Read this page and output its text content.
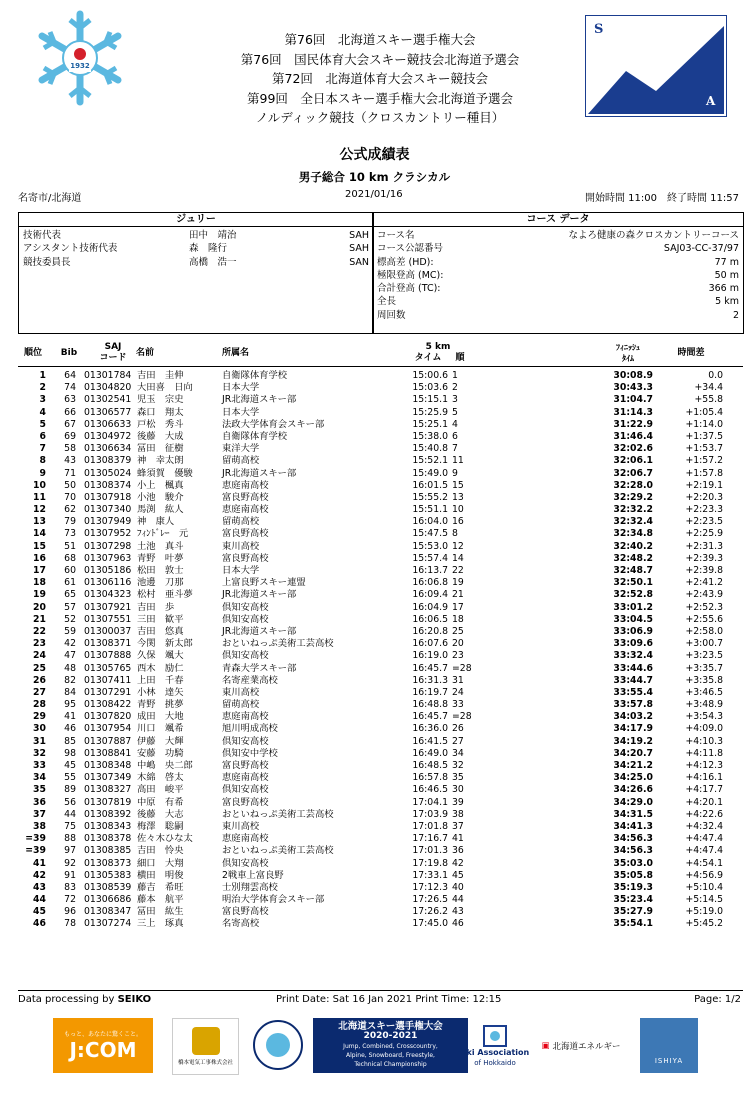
1932
S
A
第76回　北海道スキー選手権大会
第76回　国民体育大会スキー競技会北海道予選会
第72回　北海道体育大会スキー競技会
第99回　全日本スキー選手権大会北海道予選会
ノルディック競技（クロスカントリー種目）
公式成績表
男子総合 10 km クラシカル
名寄市/北海道	2021/01/16	開始時間 11:00　終了時間 11:57
ジュリー
技術代表	田中　靖治	SAH
アシスタント技術代表	森　隆行	SAH
競技委員長	高橋　浩一	SAN
コース データ
コース名	なよろ健康の森クロスカントリーコース
コース公認番号	SAJ03-CC-37/97
標高差 (HD):	77 m
極限登高 (MC):	50 m
合計登高 (TC):	366 m
全長	5 km
周回数	2
順位	Bib
SAJ
コード 名前	所属名
5 km
タイム	順
ﾌｨﾆｯｼｭ
ﾀｲﾑ
時間差
1 64 01301784 吉田　圭伸	自衛隊体育学校	15:00.6 1	30:08.9	0.0
2 74 01304820 大田喜　日向	日本大学	15:03.6 2	30:43.3	+34.4
3 63 01302541 児玉　宗史	JR北海道スキー部	15:15.1 3	31:04.7	+55.8
4 66 01306577 森口　翔太	日本大学	15:25.9 5	31:14.3	+1:05.4
5 67 01306633 戸松　秀斗	法政大学体育会スキー部	15:25.1 4	31:22.9	+1:14.0
6 69 01304972 後藤　大成	自衛隊体育学校	15:38.0 6	31:46.4	+1:37.5
7 58 01306634 冨田　征樹	東洋大学	15:40.8 7	32:02.6	+1:53.7
8 43 01308379 神　幸太朗	留萌高校	15:52.1 11	32:06.1	+1:57.2
9 71 01305024 蜂須賀　優駿	JR北海道スキー部	15:49.0 9	32:06.7	+1:57.8
10 50 01308374 小上　楓真	恵庭南高校	16:01.5 15	32:28.0	+2:19.1
11 70 01307918 小池　駿介	富良野高校	15:55.2 13	32:29.2	+2:20.3
12 62 01307340 馬渕　紘人	恵庭南高校	15:51.1 10	32:32.2	+2:23.3
13 79 01307949 神　康人	留萌高校	16:04.0 16	32:32.4	+2:23.5
14 73 01307952 ﾌｨﾝﾄﾞﾚｰ　元	富良野高校	15:47.5 8	32:34.8	+2:25.9
15 51 01307298 土池　真斗	東川高校	15:53.0 12	32:40.2	+2:31.3
16 68 01307963 青野　叶夢	富良野高校	15:57.4 14	32:48.2	+2:39.3
17 60 01305186 松田　敦士	日本大学	16:13.7 22	32:48.7	+2:39.8
18 61 01306116 池邊　刀那	上富良野スキー連盟	16:06.8 19	32:50.1	+2:41.2
19 65 01304323 松村　亜斗夢	JR北海道スキー部	16:09.4 21	32:52.8	+2:43.9
20 57 01307921 吉田　歩	倶知安高校	16:04.9 17	33:01.2	+2:52.3
21 52 01307551 三田　歓平	倶知安高校	16:06.5 18	33:04.5	+2:55.6
22 59 01300037 吉田　悠真	JR北海道スキー部	16:20.8 25	33:06.9	+2:58.0
23 42 01308371 今関　新太郎	おといねっぷ美術工芸高校	16:07.6 20	33:09.6	+3:00.7
24 47 01307888 久保　颯大	倶知安高校	16:19.0 23	33:32.4	+3:23.5
25 48 01305765 西木　励仁	青森大学スキー部	16:45.7 =28	33:44.6	+3:35.7
26 82 01307411 上田　千春	名寄産業高校	16:31.3 31	33:44.7	+3:35.8
27 84 01307291 小林　達矢	東川高校	16:19.7 24	33:55.4	+3:46.5
28 95 01308422 青野　挑夢	留萌高校	16:48.8 33	33:57.8	+3:48.9
29 41 01307820 成田　大地	恵庭南高校	16:45.7 =28	34:03.2	+3:54.3
30 46 01307954 川口　颯希	旭川明成高校	16:36.0 26	34:17.9	+4:09.0
31 85 01307887 伊藤　大輝	倶知安高校	16:41.5 27	34:19.2	+4:10.3
32 98 01308841 安藤　功騎	倶知安中学校	16:49.0 34	34:20.7	+4:11.8
33 45 01308348 中嶋　央二郎	富良野高校	16:48.5 32	34:21.2	+4:12.3
34 55 01307349 木綿　啓太	恵庭南高校	16:57.8 35	34:25.0	+4:16.1
35 89 01308327 高田　峻平	倶知安高校	16:46.5 30	34:26.6	+4:17.7
36 56 01307819 中原　有希	富良野高校	17:04.1 39	34:29.0	+4:20.1
37 44 01308392 後藤　大志	おといねっぷ美術工芸高校	17:03.9 38	34:31.5	+4:22.6
38 75 01308343 梅澤　聡嗣	東川高校	17:01.8 37	34:41.3	+4:32.4
=39 88 01308378 佐々木ひな太	恵庭南高校	17:16.7 41	34:56.3	+4:47.4
=39 97 01308385 吉田　怜央	おといねっぷ美術工芸高校	17:01.3 36	34:56.3	+4:47.4
41 92 01308373 細口　大翔	倶知安高校	17:19.8 42	35:03.0	+4:54.1
42 91 01305383 横田　明俊	2戦車上富良野	17:33.1 45	35:05.8	+4:56.9
43 83 01308539 藤吉　希旺	士別翔雲高校	17:12.3 40	35:19.3	+5:10.4
44 72 01306686 藤本　航平	明治大学体育会スキー部	17:26.5 44	35:23.4	+5:14.5
45 96 01308347 冨田　紘生	富良野高校	17:26.2 43	35:27.9	+5:19.0
46 78 01307274 三上　琢真	名寄高校	17:45.0 46	35:54.1	+5:45.2
Data processing by SEIKO	Print Date: Sat 16 Jan 2021 Print Time: 12:15	Page: 1/2
もっと、あなたに驚くこと。
J:COM
橋本電気工事株式会社
北海道スキー選手権大会
2020-2021
Jump, Combined, Crosscountry,
Alpine, Snowboard, Freestyle,
Technical Championship
Ski Association
of Hokkaido
▣ 北海道エネルギー
ISHIYA
